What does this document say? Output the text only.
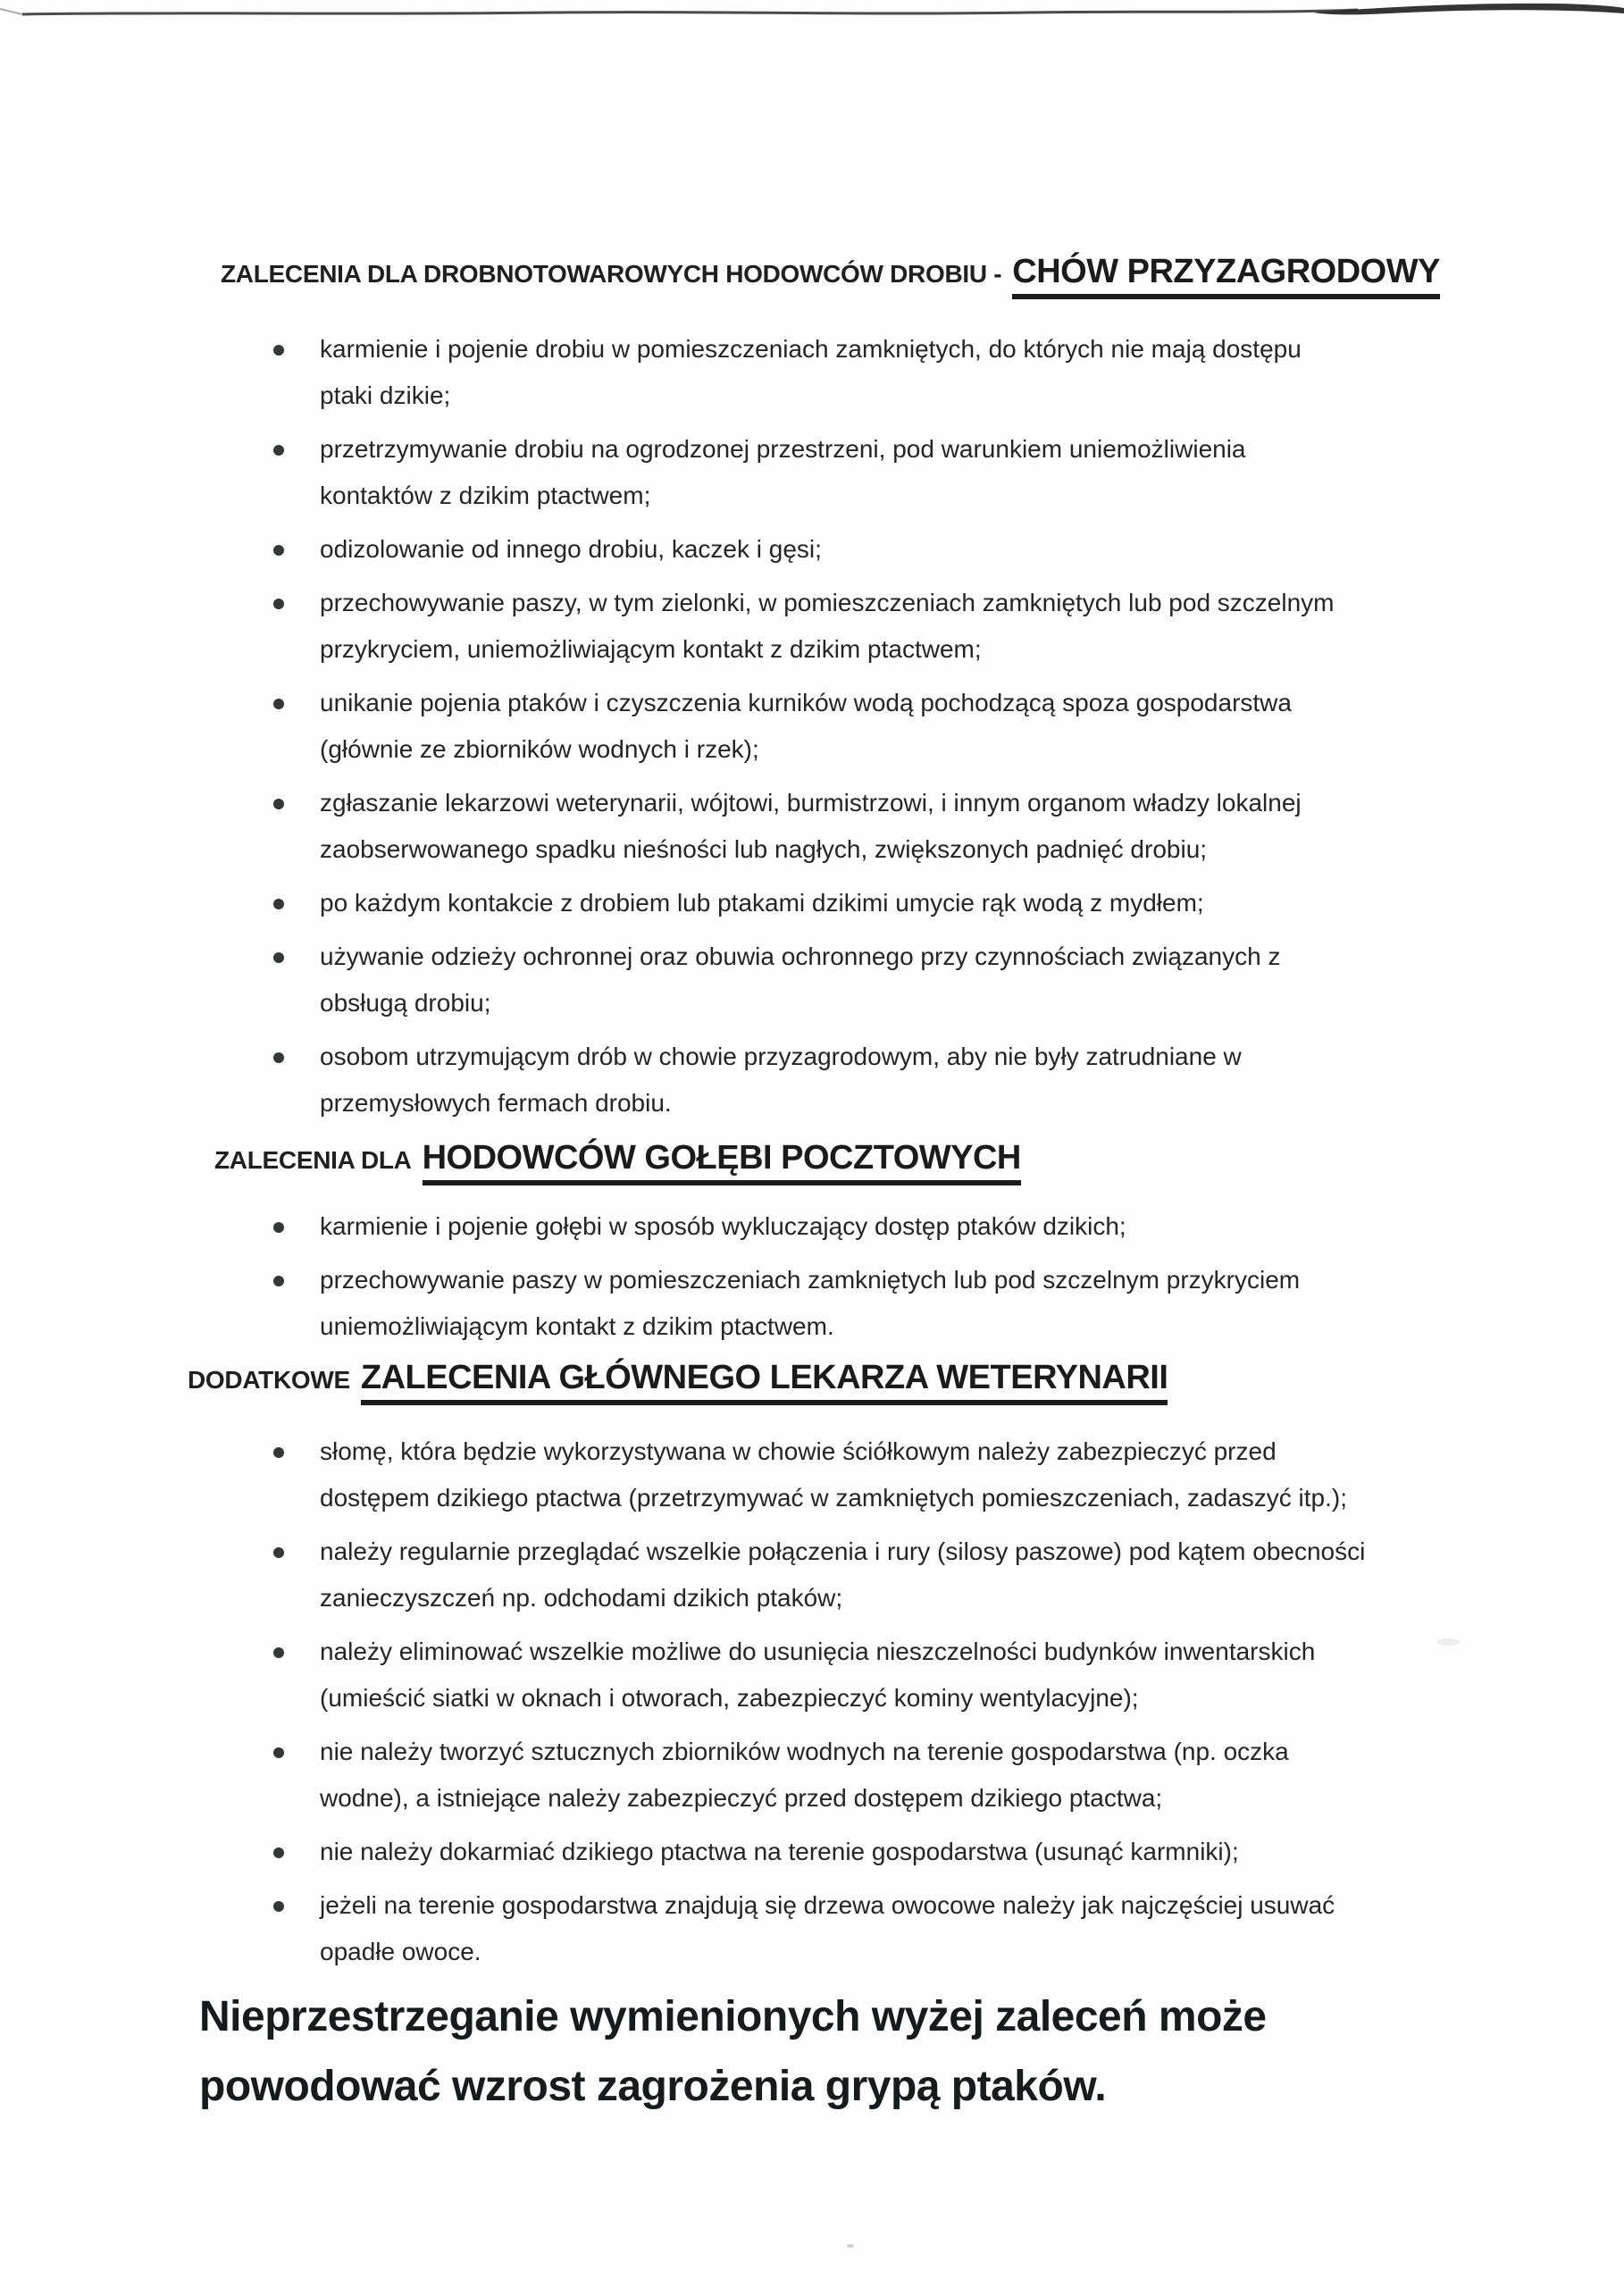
ZALECENIA DLA DROBNOTOWAROWYCH HODOWCÓW DROBIU - CHÓW PRZYZAGRODOWY
karmienie i pojenie drobiu w pomieszczeniach zamkniętych, do których nie mają dostępu
ptaki dzikie;
przetrzymywanie drobiu na ogrodzonej przestrzeni, pod warunkiem uniemożliwienia
kontaktów z dzikim ptactwem;
odizolowanie od innego drobiu, kaczek i gęsi;
przechowywanie paszy, w tym zielonki, w pomieszczeniach zamkniętych lub pod szczelnym
przykryciem, uniemożliwiającym kontakt z dzikim ptactwem;
unikanie pojenia ptaków i czyszczenia kurników wodą pochodzącą spoza gospodarstwa
(głównie ze zbiorników wodnych i rzek);
zgłaszanie lekarzowi weterynarii, wójtowi, burmistrzowi, i innym organom władzy lokalnej
zaobserwowanego spadku nieśności lub nagłych, zwiększonych padnięć drobiu;
po każdym kontakcie z drobiem lub ptakami dzikimi umycie rąk wodą z mydłem;
używanie odzieży ochronnej oraz obuwia ochronnego przy czynnościach związanych z
obsługą drobiu;
osobom utrzymującym drób w chowie przyzagrodowym, aby nie były zatrudniane w
przemysłowych fermach drobiu.
ZALECENIA DLA HODOWCÓW GOŁĘBI POCZTOWYCH
karmienie i pojenie gołębi w sposób wykluczający dostęp ptaków dzikich;
przechowywanie paszy w pomieszczeniach zamkniętych lub pod szczelnym przykryciem
uniemożliwiającym kontakt z dzikim ptactwem.
DODATKOWE ZALECENIA GŁÓWNEGO LEKARZA WETERYNARII
słomę, która będzie wykorzystywana w chowie ściółkowym należy zabezpieczyć przed
dostępem dzikiego ptactwa (przetrzymywać w zamkniętych pomieszczeniach, zadaszyć itp.);
należy regularnie przeglądać wszelkie połączenia i rury (silosy paszowe) pod kątem obecności
zanieczyszczeń np. odchodami dzikich ptaków;
należy eliminować wszelkie możliwe do usunięcia nieszczelności budynków inwentarskich
(umieścić siatki w oknach i otworach, zabezpieczyć kominy wentylacyjne);
nie należy tworzyć sztucznych zbiorników wodnych na terenie gospodarstwa (np. oczka
wodne), a istniejące należy zabezpieczyć przed dostępem dzikiego ptactwa;
nie należy dokarmiać dzikiego ptactwa na terenie gospodarstwa (usunąć karmniki);
jeżeli na terenie gospodarstwa znajdują się drzewa owocowe należy jak najczęściej usuwać
opadłe owoce.
Nieprzestrzeganie wymienionych wyżej zaleceń może
powodować wzrost zagrożenia grypą ptaków.
